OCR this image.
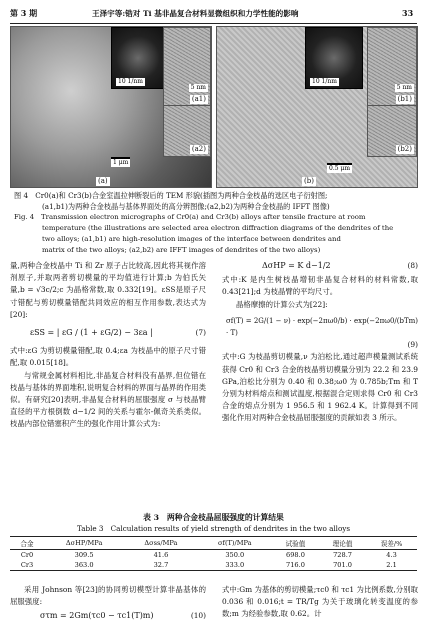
第 3 期	王泽宇等:锆对 Ti 基非晶复合材料显微组织和力学性能的影响	33
10 1/nm
5 nm
(a1)
(a2)
1 μm
(a)
10 1/nm
5 nm
(b1)
(b2)
0.5 μm
(b)
图 4　Cr0(a)和 Cr3(b)合金室温拉伸断裂后的 TEM 形貌(插图为两种合金枝晶的选区电子衍射图;
(a1,b1)为两种合金枝晶与基体界面处的高分辨图像;(a2,b2)为两种合金枝晶的 IFFT 图像)
Fig. 4　Transmission electron micrographs of Cr0(a) and Cr3(b) alloys after tensile fracture at room
temperature (the illustrations are selected area electron diffraction diagrams of the dendrites of the
two alloys; (a1,b1) are high-resolution images of the interface between dendrites and
matrix of the two alloys; (a2,b2) are IFFT images of dendrites of the two alloys)
量,两种合金枝晶中 Ti 和 Zr 原子占比较高,因此将其视作溶剂原子,并取两者剪切模量的平均值进行计算;b 为伯氏矢量,b = √3c/2;c 为晶格常数,取 0.332[19]。εSS是原子尺寸错配与剪切模量错配共同效应的相互作用参数,表达式为[20]:
εSS = | εG / (1 + εG/2) − 3εa |	(7)
式中:εG 为剪切模量错配,取 0.4;εa 为枝晶中的原子尺寸错配,取 0.015[18]。
与常规金属材料相比,非晶复合材料没有晶界,但位错在枝晶与基体的界面堆积,说明复合材料的界面与晶界的作用类似。有研究[20]表明,非晶复合材料的屈服强度 σ 与枝晶臂直径的平方根倒数 d−1/2 间的关系与霍尔-佩奇关系类似。枝晶内部位错塞积产生的强化作用计算公式为:
ΔσHP = K d−1/2	(8)
式中:K 是内生树枝晶增韧非晶复合材料的材料常数,取 0.43[21];d 为枝晶臂的平均尺寸。
晶格摩擦的计算公式为[22]:
σf(T) = 2G/(1 − ν) · exp(−2πω0/b) · exp(−2πω0/(bTm) · T)
(9)
式中:G 为枝晶剪切模量,ν 为泊松比,通过超声模量测试系统获得 Cr0 和 Cr3 合金的枝晶剪切模量分别为 22.2 和 23.9 GPa,泊松比分别为 0.40 和 0.38;ω0 为 0.785b;Tm 和 T 分别为材料熔点和测试温度,根据混合定则求得 Cr0 和 Cr3 合金的熔点分别为 1 956.5 和 1 962.4 K。计算得到不同强化作用对两种合金枝晶屈服强度的贡献如表 3 所示。
表 3　两种合金枝晶屈服强度的计算结果
Table 3　Calculation results of yield strength of dendrites in the two alloys
合金	ΔσHP/MPa	Δσss/MPa	σf(T)/MPa	试验值	理论值	误差/%
Cr0	309.5	41.6	350.0	698.0	728.7	4.3
Cr3	363.0	32.7	333.0	716.0	701.0	2.1
采用 Johnson 等[23]的协同剪切模型计算非晶基体的屈服强度:
στm = 2Gm(τc0 − τc1(T)m)	(10)
式中:Gm 为基体的剪切模量;τc0 和 τc1 为比例系数,分别取 0.036 和 0.016;t = TR/Tg 为关于玻璃化转变温度的参数;m 为经验参数,取 0.62。计
